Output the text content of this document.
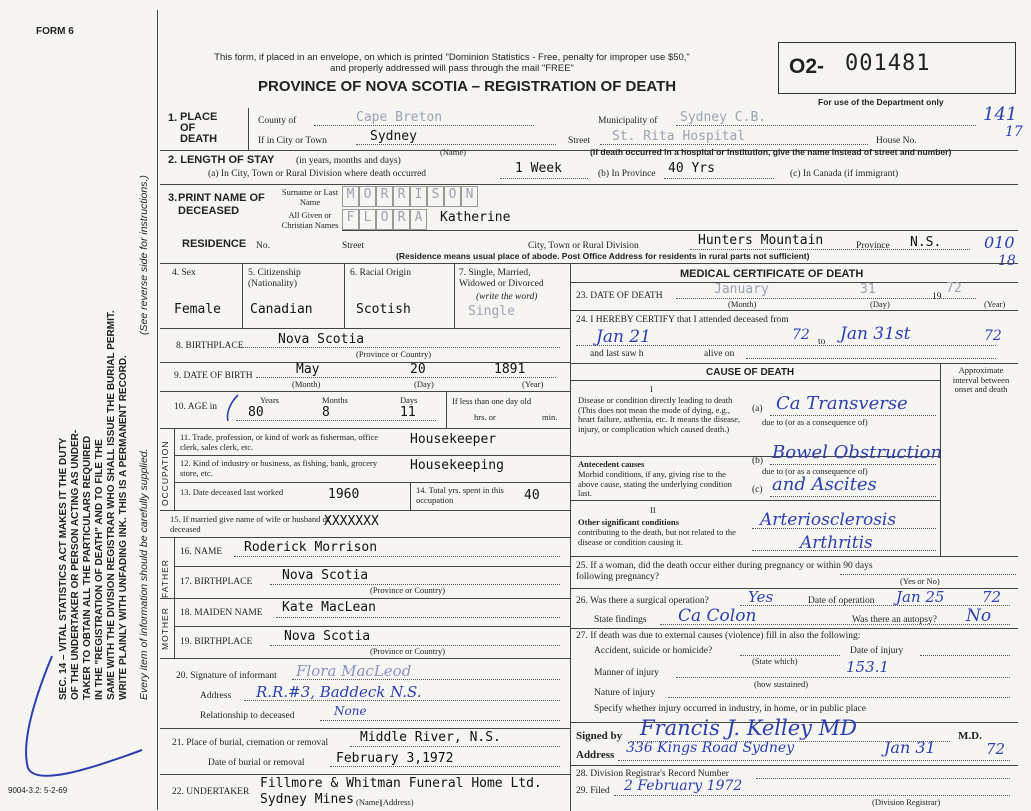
FORM 6
This form, if placed in an envelope, on which is printed "Dominion Statistics - Free, penalty for improper use $50," and properly addressed will pass through the mail "FREE"
PROVINCE OF NOVA SCOTIA – REGISTRATION OF DEATH
O2- 001481
For use of the Department only
141
17
010
18
SEC. 14 – VITAL STATISTICS ACT MAKES IT THE DUTY OF THE UNDERTAKER OR PERSON ACTING AS UNDER- TAKER TO OBTAIN ALL THE PARTICULARS REQUIRED IN THE "REGISTRATION OF DEATH" AND TO FILE THE SAME WITH THE DIVISION REGISTRAR WHO SHALL ISSUE THE BURIAL PERMIT. WRITE PLAINLY WITH UNFADING INK. THIS IS A PERMANENT RECORD. Every item of information should be carefully supplied.
(See reverse side for instructions.)
9004-3.2: 5-2-69
1. PLACE OF DEATH
County of	Cape Breton	Municipality of Sydney C.B.
If in City or Town	Sydney
(Name)
Street St. Rita Hospital	House No.
(If death occurred in a hospital or institution, give the name instead of street and number)
2. LENGTH OF STAY (in years, months and days)
(a) In City, Town or Rural Division where death occurred	1 Week	(b) In Province 40 Yrs	(c) In Canada (if immigrant)
3. PRINT NAME OF DECEASED
Surname or Last Name
All Given or Christian Names
M O R R I S O N
F L O R A	Katherine
RESIDENCE No.	Street	City, Town or Rural Division	Hunters Mountain	Province N.S.
(Residence means usual place of abode. Post Office Address for residents in rural parts not sufficient)
4. Sex
Female
5. Citizenship (Nationality)
Canadian
6. Racial Origin
Scotish
7. Single, Married, Widowed or Divorced
(write the word)
Single
8. BIRTHPLACE	Nova Scotia
(Province or Country)
9. DATE OF BIRTH	May	20	1891
(Month)	(Day)	(Year)
10. AGE in
Years	Months	Days
80	8	11
If less than one day old
hrs. or	min.
OCCUPATION
11. Trade, profession, or kind of work as fisherman, office clerk, sales clerk, etc.	Housekeeper
12. Kind of industry or business, as fishing, bank, grocery store, etc.	Housekeeping
13. Date deceased last worked	1960	14. Total yrs. spent in this occupation	40
15. If married give name of wife or husband of deceased	XXXXXXX
FATHER
16. NAME Roderick Morrison
17. BIRTHPLACE Nova Scotia
(Province or Country)
MOTHER 18. MAIDEN NAME Kate MacLean
19. BIRTHPLACE Nova Scotia
(Province or Country)
20. Signature of informant Flora MacLeod
Address R.R.#3, Baddeck N.S.
Relationship to deceased	None
21. Place of burial, cremation or removal Middle River, N.S.
Date of burial or removal February 3,1972
22. UNDERTAKER
Fillmore & Whitman Funeral Home Ltd.
Sydney Mines (Name)
(Address)
MEDICAL CERTIFICATE OF DEATH
23. DATE OF DEATH	January	31	19
72
(Month)	(Day)	(Year)
24. I HEREBY CERTIFY that I attended deceased from
Jan 21	72 to Jan 31st	72
and last saw h	alive on
CAUSE OF DEATH	Approximate interval between onset and death
I
Disease or condition directly leading to death (This does not mean the mode of dying, e.g., heart failure, asthenia, etc. It means the disease, injury, or complication which caused death.)
(a) Ca Transverse
due to (or as a consequence of)
Antecedent causes
Morbid conditions, if any, giving rise to the above cause, stating the underlying condition last.
(b) Bowel Obstruction
due to (or as a consequence of)
(c) and Ascites
II
Other significant conditions
contributing to the death, but not related to the disease or condition causing it.
Arteriosclerosis
Arthritis
25. If a woman, did the death occur either during pregnancy or within 90 days following pregnancy?	(Yes or No)
26. Was there a surgical operation?	Yes	Date of operation Jan 25	72
State findings Ca Colon	Was there an autopsy? No
27. If death was due to external causes (violence) fill in also the following:
Accident, suicide or homicide?	Date of injury
(State which)
Manner of injury	153.1
(how sustained)
Nature of injury
Specify whether injury occurred in industry, in home, or in public place
Signed by Francis J. Kelley MD	M.D.
Address 336 Kings Road Sydney	Jan 31	72
28. Division Registrar's Record Number
29. Filed 2 February 1972
(Division Registrar)
